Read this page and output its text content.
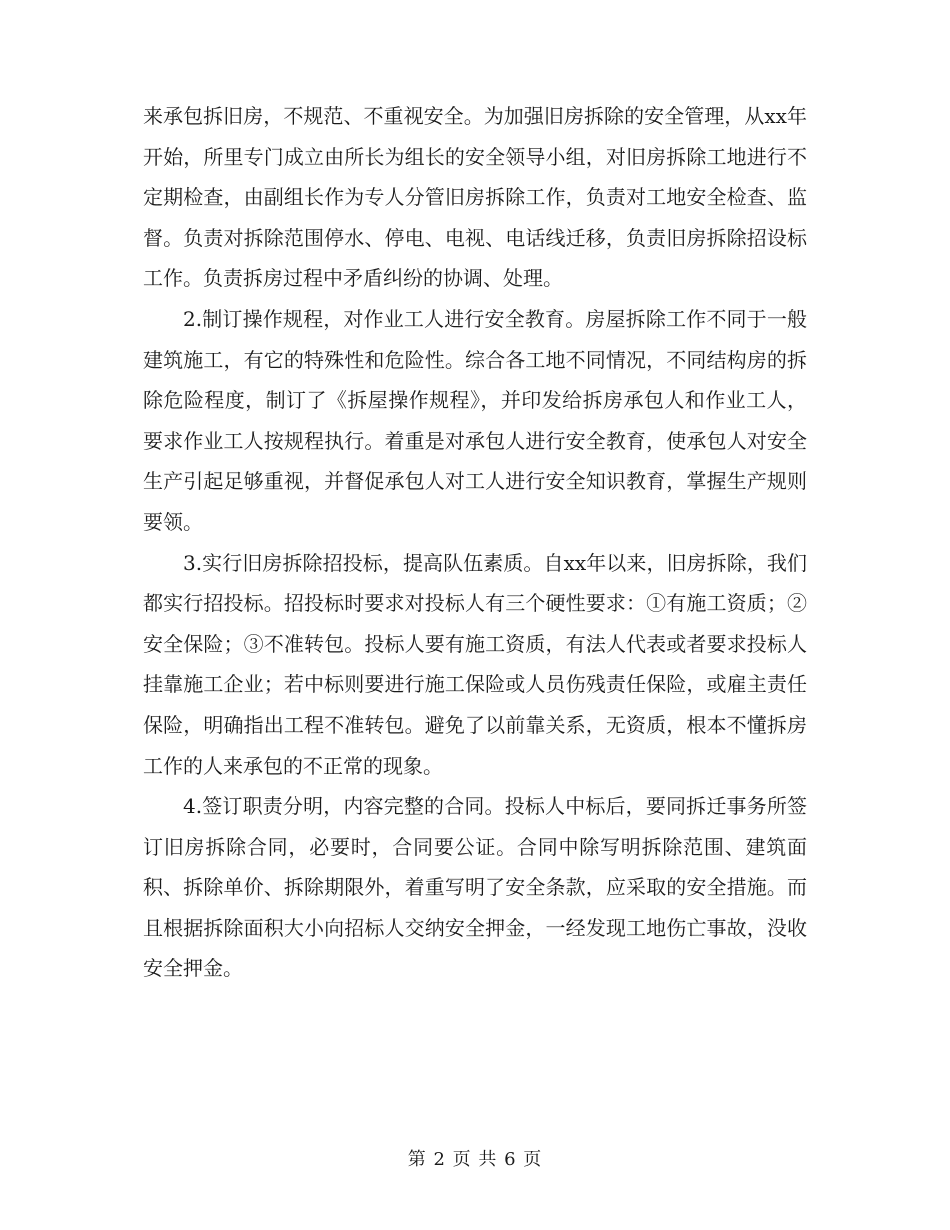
来承包拆旧房，不规范、不重视安全。为加强旧房拆除的安全管理，从xx年开始，所里专门成立由所长为组长的安全领导小组，对旧房拆除工地进行不定期检查，由副组长作为专人分管旧房拆除工作，负责对工地安全检查、监督。负责对拆除范围停水、停电、电视、电话线迁移，负责旧房拆除招设标工作。负责拆房过程中矛盾纠纷的协调、处理。

2.制订操作规程，对作业工人进行安全教育。房屋拆除工作不同于一般建筑施工，有它的特殊性和危险性。综合各工地不同情况，不同结构房的拆除危险程度，制订了《拆屋操作规程》，并印发给拆房承包人和作业工人，要求作业工人按规程执行。着重是对承包人进行安全教育，使承包人对安全生产引起足够重视，并督促承包人对工人进行安全知识教育，掌握生产规则要领。

3.实行旧房拆除招投标，提高队伍素质。自xx年以来，旧房拆除，我们都实行招投标。招投标时要求对投标人有三个硬性要求：①有施工资质；②安全保险；③不准转包。投标人要有施工资质，有法人代表或者要求投标人挂靠施工企业；若中标则要进行施工保险或人员伤残责任保险，或雇主责任保险，明确指出工程不准转包。避免了以前靠关系，无资质，根本不懂拆房工作的人来承包的不正常的现象。

4.签订职责分明，内容完整的合同。投标人中标后，要同拆迁事务所签订旧房拆除合同，必要时，合同要公证。合同中除写明拆除范围、建筑面积、拆除单价、拆除期限外，着重写明了安全条款，应采取的安全措施。而且根据拆除面积大小向招标人交纳安全押金，一经发现工地伤亡事故，没收安全押金。

第 2 页 共 6 页
